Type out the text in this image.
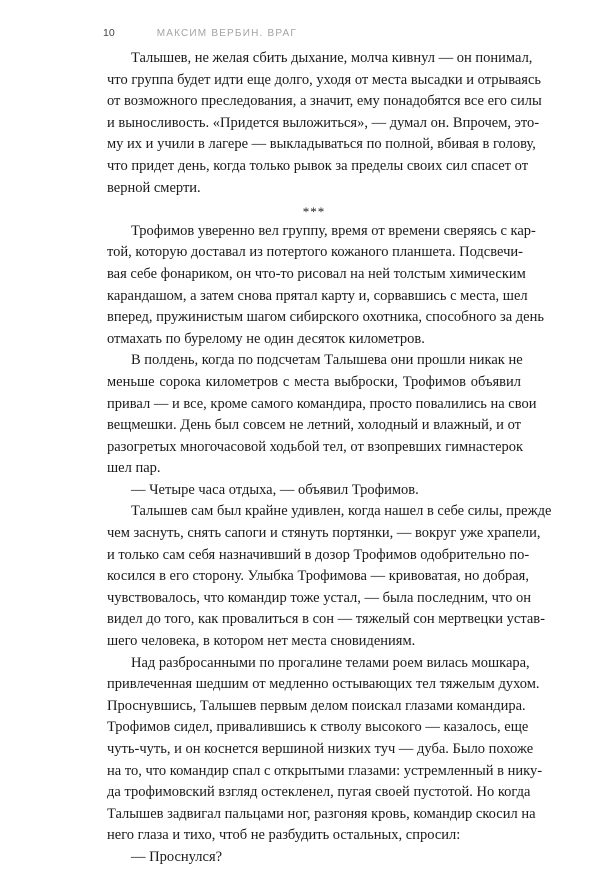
10	МАКСИМ ВЕРБИН. ВРАГ
Талышев, не желая сбить дыхание, молча кивнул — он понимал,
что группа будет идти еще долго, уходя от места высадки и отрываясь
от возможного преследования, а значит, ему понадобятся все его силы
и выносливость. «Придется выложиться», — думал он. Впрочем, это-
му их и учили в лагере — выкладываться по полной, вбивая в голову,
что придет день, когда только рывок за пределы своих сил спасет от
верной смерти.
***
Трофимов уверенно вел группу, время от времени сверяясь с кар-
той, которую доставал из потертого кожаного планшета. Подсвечи-
вая себе фонариком, он что-то рисовал на ней толстым химическим
карандашом, а затем снова прятал карту и, сорвавшись с места, шел
вперед, пружинистым шагом сибирского охотника, способного за день
отмахать по бурелому не один десяток километров.
В полдень, когда по подсчетам Талышева они прошли никак не
меньше сорока километров с места выброски, Трофимов объявил
привал — и все, кроме самого командира, просто повалились на свои
вещмешки. День был совсем не летний, холодный и влажный, и от
разогретых многочасовой ходьбой тел, от взопревших гимнастерок
шел пар.
— Четыре часа отдыха, — объявил Трофимов.
Талышев сам был крайне удивлен, когда нашел в себе силы, прежде
чем заснуть, снять сапоги и стянуть портянки, — вокруг уже храпели,
и только сам себя назначивший в дозор Трофимов одобрительно по-
косился в его сторону. Улыбка Трофимова — кривоватая, но добрая,
чувствовалось, что командир тоже устал, — была последним, что он
видел до того, как провалиться в сон — тяжелый сон мертвецки устав-
шего человека, в котором нет места сновидениям.
Над разбросанными по прогалине телами роем вилась мошкара,
привлеченная шедшим от медленно остывающих тел тяжелым духом.
Проснувшись, Талышев первым делом поискал глазами командира.
Трофимов сидел, привалившись к стволу высокого — казалось, еще
чуть-чуть, и он коснется вершиной низких туч — дуба. Было похоже
на то, что командир спал с открытыми глазами: устремленный в нику-
да трофимовский взгляд остекленел, пугая своей пустотой. Но когда
Талышев задвигал пальцами ног, разгоняя кровь, командир скосил на
него глаза и тихо, чтоб не разбудить остальных, спросил:
— Проснулся?
